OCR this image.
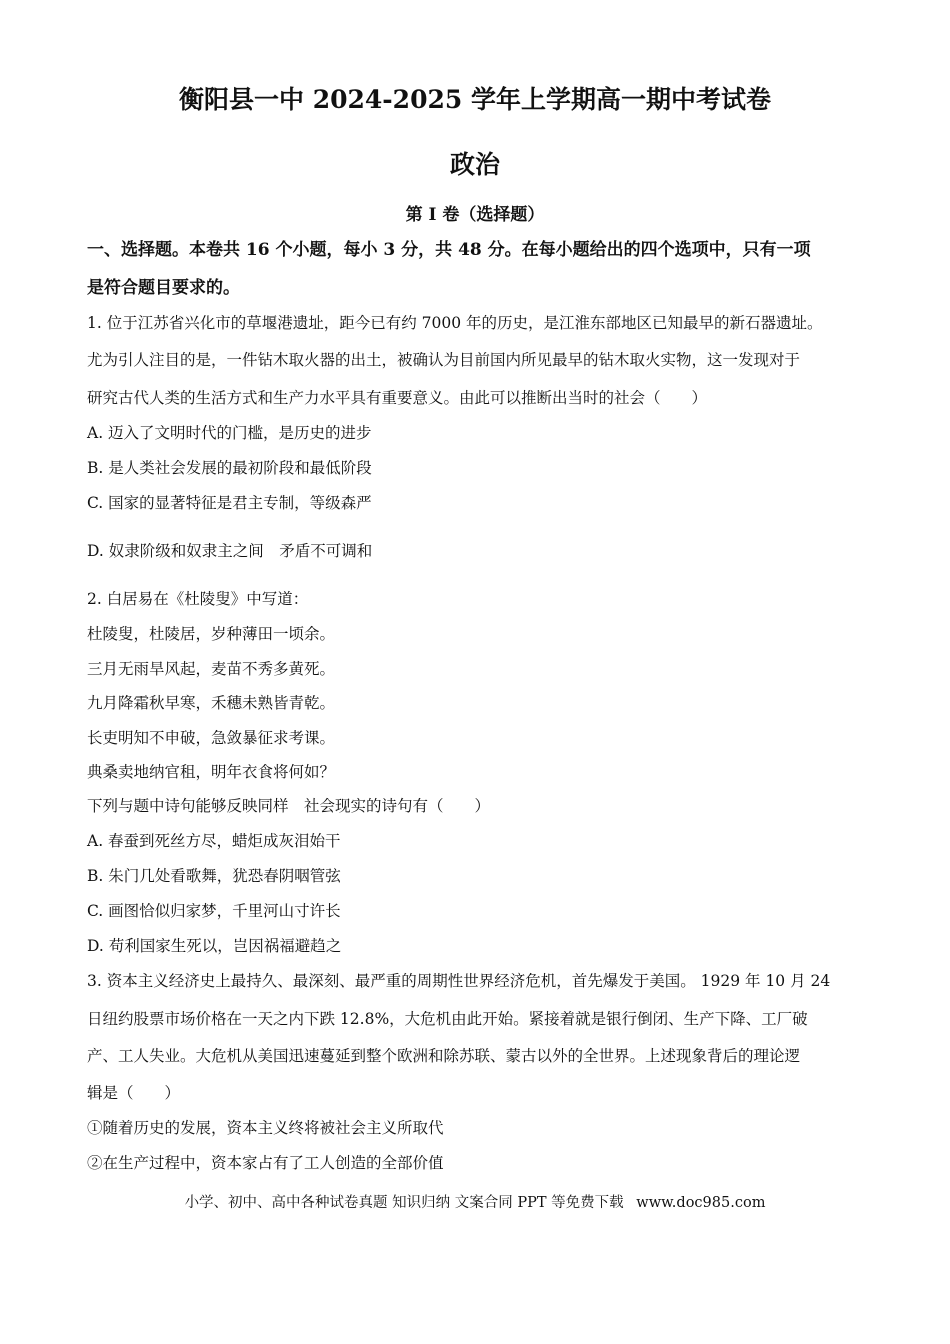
衡阳县一中 2024-2025 学年上学期高一期中考试卷
政治
第 I 卷（选择题）

一、选择题。本卷共 16 个小题，每小 3 分，共 48 分。在每小题给出的四个选项中，只有一项

是符合题目要求的。

1. 位于江苏省兴化市的草堰港遗址，距今已有约 7000 年的历史，是江淮东部地区已知最早的新石器遗址。

尤为引人注目的是，一件钻木取火器的出土，被确认为目前国内所见最早的钻木取火实物，这一发现对于

研究古代人类的生活方式和生产力水平具有重要意义。由此可以推断出当时的社会（　　）

A. 迈入了文明时代的门槛，是历史的进步

B. 是人类社会发展的最初阶段和最低阶段

C. 国家的显著特征是君主专制，等级森严

D. 奴隶阶级和奴隶主之间　矛盾不可调和

2. 白居易在《杜陵叟》中写道：

杜陵叟，杜陵居，岁种薄田一顷余。

三月无雨旱风起，麦苗不秀多黄死。

九月降霜秋早寒，禾穗未熟皆青乾。

长吏明知不申破，急敛暴征求考课。

典桑卖地纳官租，明年衣食将何如？

下列与题中诗句能够反映同样　社会现实的诗句有（　　）

A. 春蚕到死丝方尽，蜡炬成灰泪始干

B. 朱门几处看歌舞，犹恐春阴咽管弦

C. 画图恰似归家梦，千里河山寸许长

D. 苟利国家生死以，岂因祸福避趋之

3. 资本主义经济史上最持久、最深刻、最严重的周期性世界经济危机，首先爆发于美国。 1929 年 10 月 24

日纽约股票市场价格在一天之内下跌 12.8%，大危机由此开始。紧接着就是银行倒闭、生产下降、工厂破

产、工人失业。大危机从美国迅速蔓延到整个欧洲和除苏联、蒙古以外的全世界。上述现象背后的理论逻

辑是（　　）

①随着历史的发展，资本主义终将被社会主义所取代

②在生产过程中，资本家占有了工人创造的全部价值

小学、初中、高中各种试卷真题 知识归纳 文案合同 PPT 等免费下载 www.doc985.com
